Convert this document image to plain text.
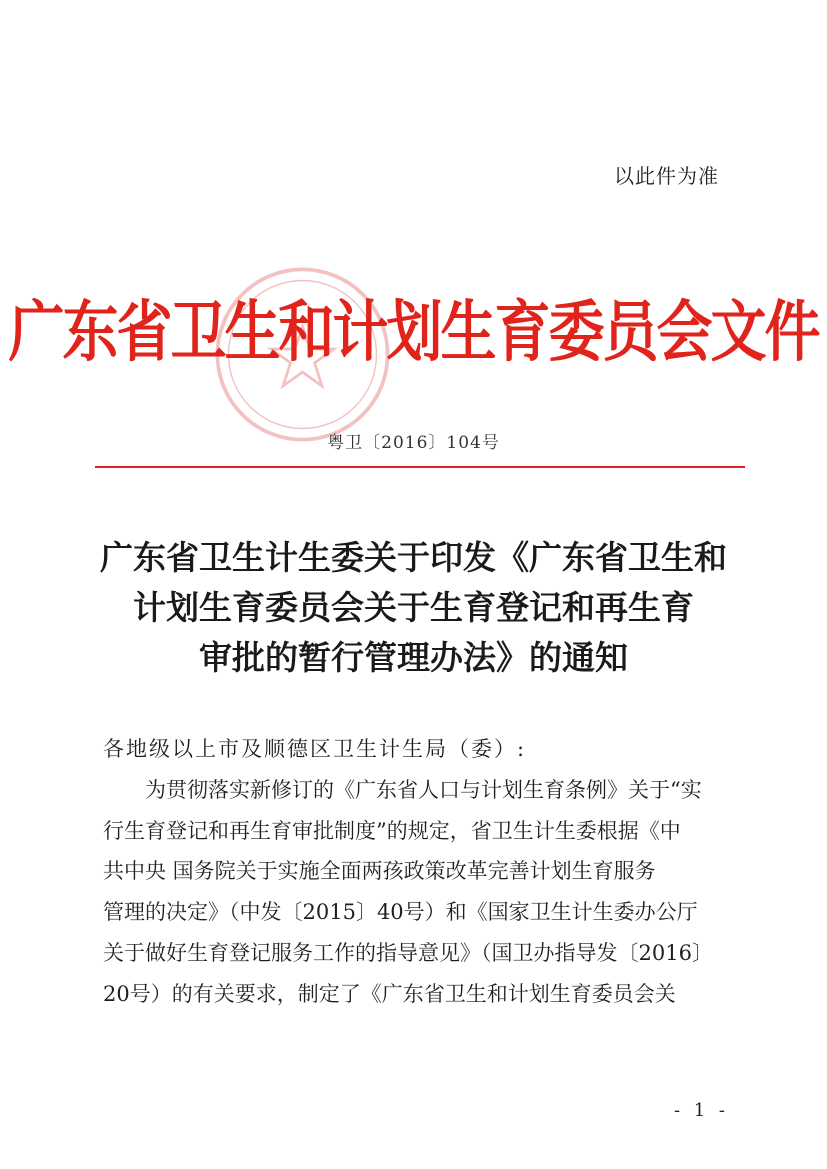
以此件为准
广东省卫生和计划生育委员会文件
粤卫〔2016〕104号
广东省卫生计生委关于印发《广东省卫生和
计划生育委员会关于生育登记和再生育
审批的暂行管理办法》的通知
各地级以上市及顺德区卫生计生局（委）:
为贯彻落实新修订的《广东省人口与计划生育条例》关于“实
行生育登记和再生育审批制度”的规定，省卫生计生委根据《中
共中央 国务院关于实施全面两孩政策改革完善计划生育服务
管理的决定》（中发〔2015〕40号）和《国家卫生计生委办公厅
关于做好生育登记服务工作的指导意见》（国卫办指导发〔2016〕
20号）的有关要求，制定了《广东省卫生和计划生育委员会关
- 1 -
